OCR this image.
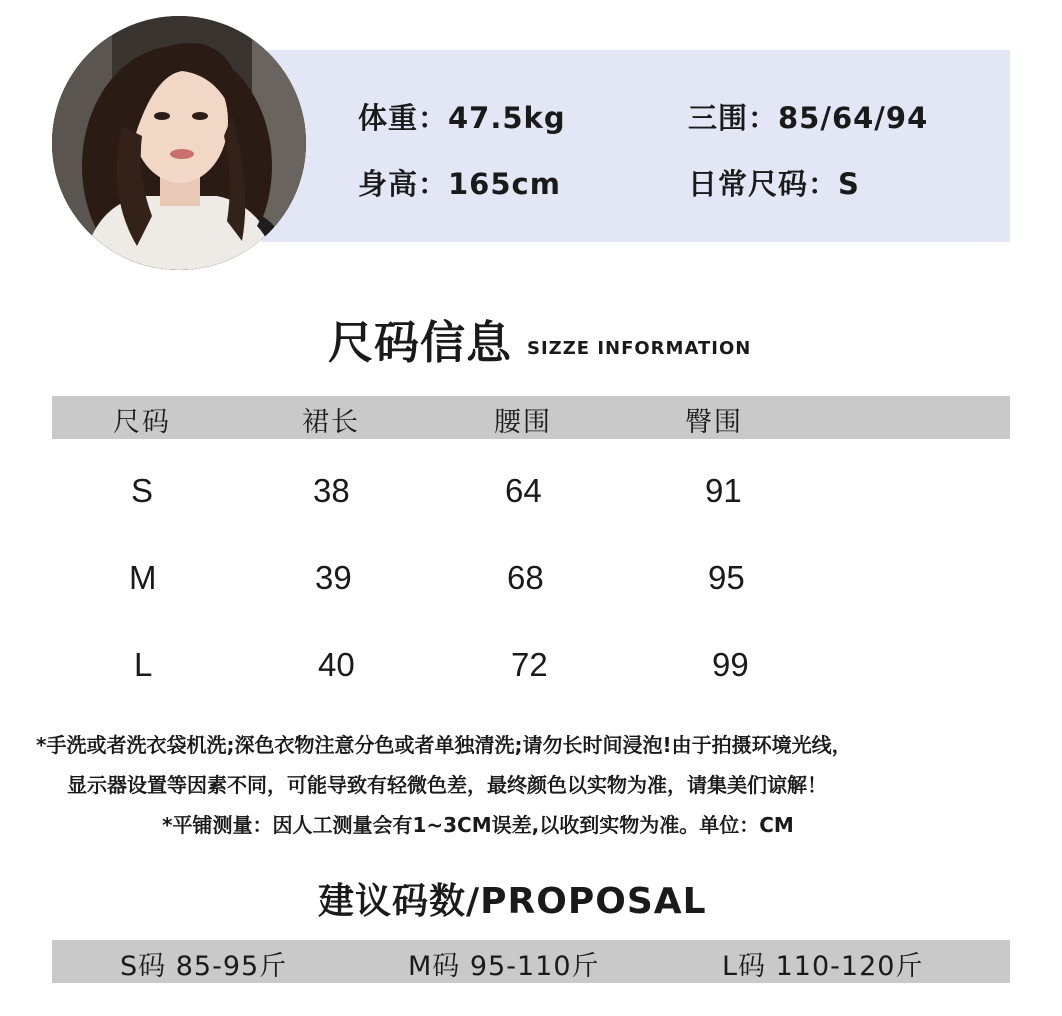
体重：47.5kg	三围：85/64/94
身高：165cm	日常尺码：S
尺码信息 SIZZE INFORMATION
尺码	裙长	腰围	臀围
S	38	64	91
M	39	68	95
L	40	72	99
*手洗或者洗衣袋机洗;深色衣物注意分色或者单独清洗;请勿长时间浸泡!由于拍摄环境光线，
显示器设置等因素不同，可能导致有轻微色差，最终颜色以实物为准，请集美们谅解！
*平铺测量：因人工测量会有1~3CM误差,以收到实物为准。单位：CM
建议码数/PROPOSAL
S码 85-95斤	M码 95-110斤	L码 110-120斤
